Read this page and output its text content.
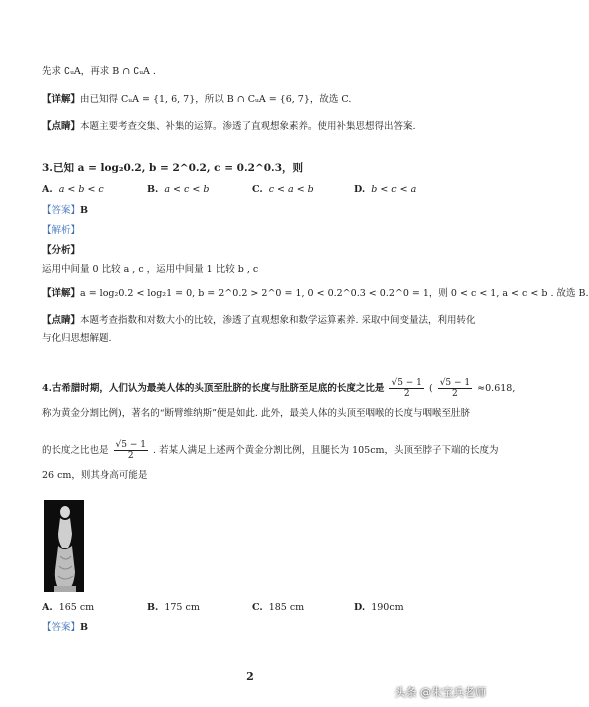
先求 ∁ᵤA，再求 B ∩ ∁ᵤA .
【详解】由已知得 CᵤA = {1, 6, 7}，所以 B ∩ CᵤA = {6, 7}，故选 C.
【点睛】本题主要考查交集、补集的运算。渗透了直观想象素养。使用补集思想得出答案.
3.已知 a = log₂0.2, b = 2^0.2, c = 0.2^0.3，则
A. a < b < c	B. a < c < b	C. c < a < b	D. b < c < a
【答案】B
【解析】
【分析】
运用中间量 0 比较 a , c ，运用中间量 1 比较 b , c
【详解】a = log₂0.2 < log₂1 = 0, b = 2^0.2 > 2^0 = 1, 0 < 0.2^0.3 < 0.2^0 = 1，则 0 < c < 1, a < c < b . 故选 B.
【点睛】本题考查指数和对数大小的比较，渗透了直观想象和数学运算素养. 采取中间变量法，利用转化
与化归思想解题.
4.古希腊时期，人们认为最美人体的头顶至肚脐的长度与肚脐至足底的长度之比是 $\frac{√5 - 1}{2}$ ( $\frac{√5 - 1}{2} \approx 0.618$,
称为黄金分割比例)，著名的“断臂维纳斯”便是如此. 此外，最美人体的头顶至咽喉的长度与咽喉至肚脐
的长度之比也是 $\frac{√5 - 1}{2}$ . 若某人满足上述两个黄金分割比例，且腿长为 105cm，头顶至脖子下端的长度为
26 cm，则其身高可能是
A. 165 cm	B. 175 cm	C. 185 cm	D. 190cm
【答案】B
2
头条 @朱宝兵老师
